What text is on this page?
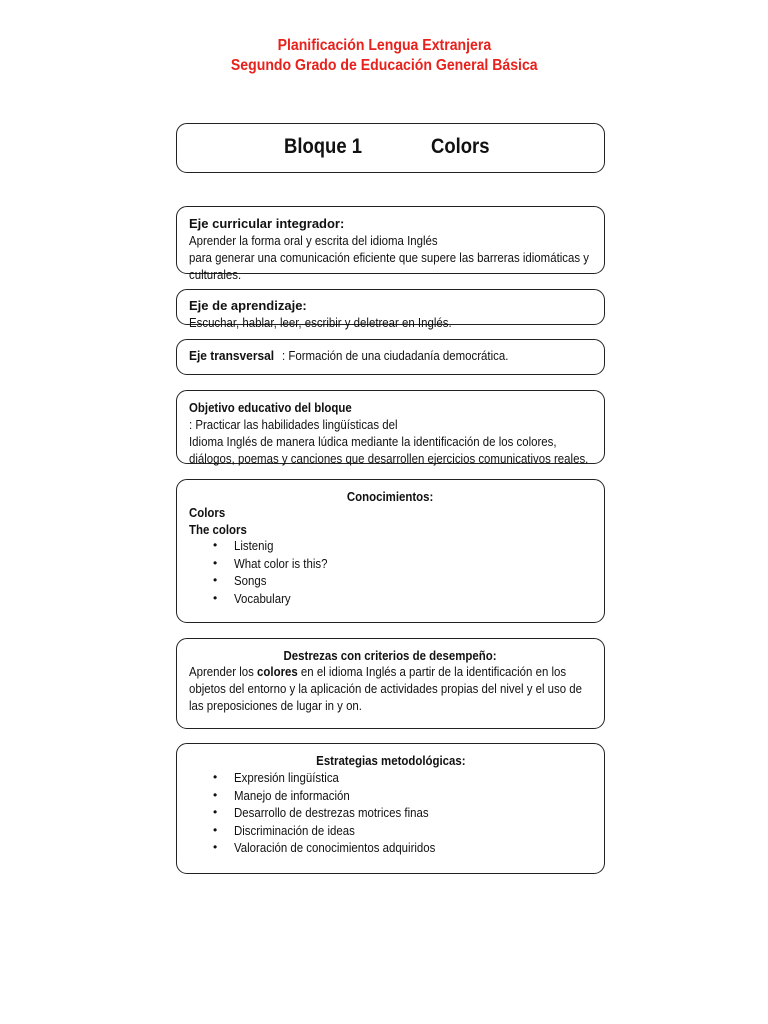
Planificación Lengua Extranjera
Segundo Grado de Educación General Básica
Bloque 1	Colors
Eje curricular integrador:Aprender la forma oral y escrita del idioma Inglés
para generar una comunicación eficiente que supere las barreras idiomáticas y
culturales.
Eje de aprendizaje:Escuchar, hablar, leer, escribir y deletrear en Inglés.
Eje transversal : Formación de una ciudadanía democrática.
Objetivo educativo del bloque: Practicar las habilidades lingüísticas del
Idioma Inglés de manera lúdica mediante la identificación de los colores,
diálogos, poemas y canciones que desarrollen ejercicios comunicativos reales.
Conocimientos:
Colors
The colors
• Listenig
• What color is this?
• Songs
• Vocabulary
Destrezas con criterios de desempeño:
Aprender los colores en el idioma Inglés a partir de la identificación en los
objetos del entorno y la aplicación de actividades propias del nivel y el uso de
las preposiciones de lugar in y on.
Estrategias metodológicas:
• Expresión lingüística
• Manejo de información
• Desarrollo de destrezas motrices finas
• Discriminación de ideas
• Valoración de conocimientos adquiridos
